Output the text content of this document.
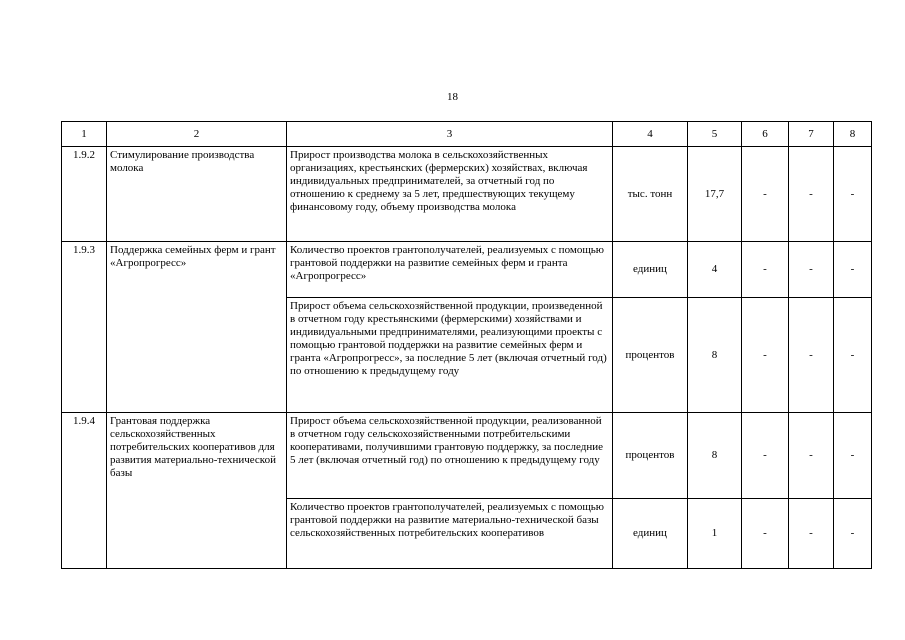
18
1	2	3	4	5	6	7	8
1.9.2	Стимулирование производства молока	Прирост производства молока в сельскохозяйственных организациях, крестьянских (фермерских) хозяйствах, включая индивидуальных предпринимателей, за отчетный год по отношению к среднему за 5 лет, предшествующих текущему финансовому году, объему производства молока	тыс. тонн	17,7	-	-	-
1.9.3	Поддержка семейных ферм и грант «Агропрогресс»	Количество проектов грантополучателей, реализуемых с помощью грантовой поддержки на развитие семейных ферм и гранта «Агропрогресс»	единиц	4	-	-	-
		Прирост объема сельскохозяйственной продукции, произведенной в отчетном году крестьянскими (фермерскими) хозяйствами и индивидуальными предпринимателями, реализующими проекты с помощью грантовой поддержки на развитие семейных ферм и гранта «Агропрогресс», за последние 5 лет (включая отчетный год) по отношению к предыдущему году	процентов	8	-	-	-
1.9.4	Грантовая поддержка сельскохозяйственных потребительских кооперативов для развития материально-технической базы	Прирост объема сельскохозяйственной продукции, реализованной в отчетном году сельскохозяйственными потребительскими кооперативами, получившими грантовую поддержку, за последние 5 лет (включая отчетный год) по отношению к предыдущему году	процентов	8	-	-	-
		Количество проектов грантополучателей, реализуемых с помощью грантовой поддержки на развитие материально-технической базы сельскохозяйственных потребительских кооперативов	единиц	1	-	-	-
